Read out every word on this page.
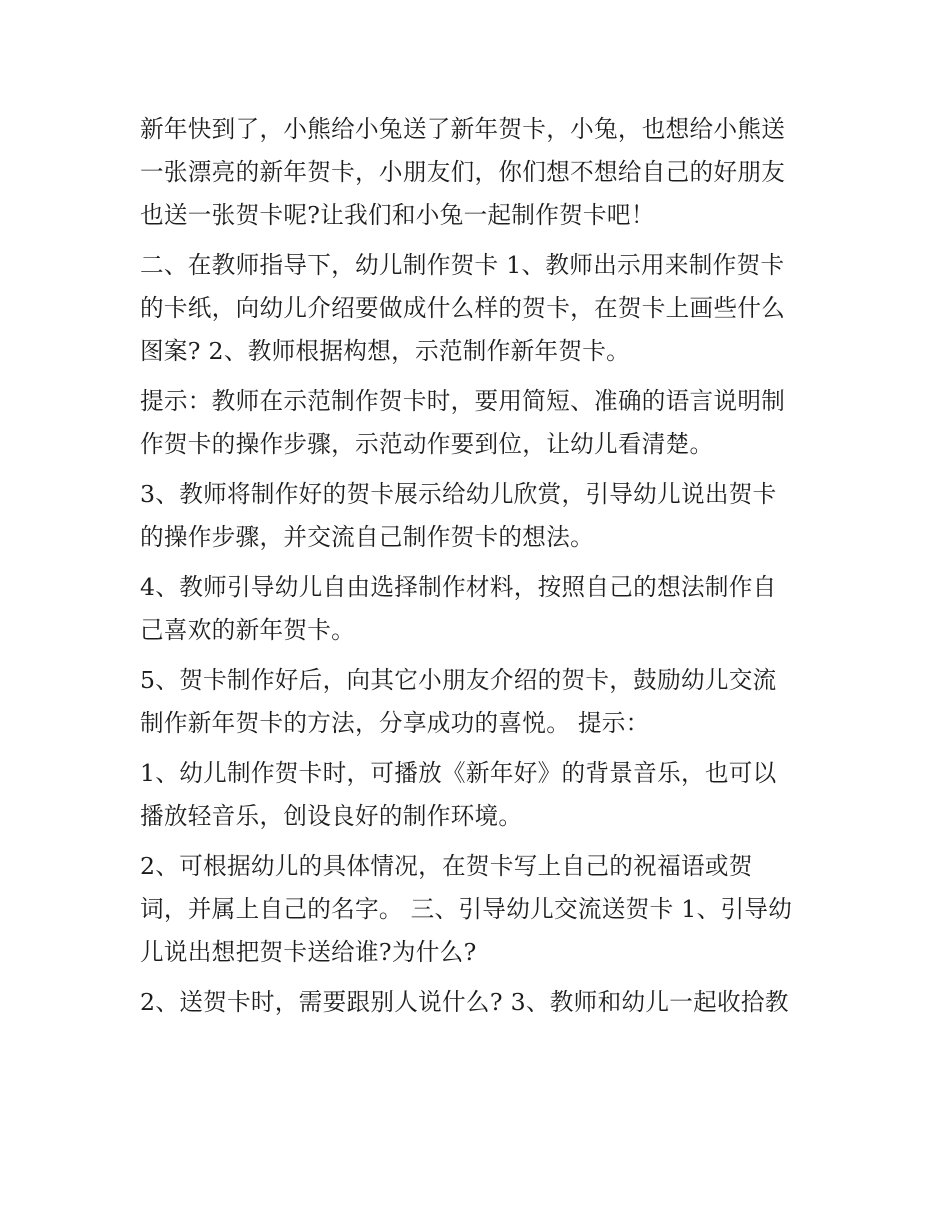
新年快到了，小熊给小兔送了新年贺卡，小兔，也想给小熊送
一张漂亮的新年贺卡，小朋友们，你们想不想给自己的好朋友
也送一张贺卡呢?让我们和小兔一起制作贺卡吧！

二、在教师指导下，幼儿制作贺卡 1、教师出示用来制作贺卡
的卡纸，向幼儿介绍要做成什么样的贺卡，在贺卡上画些什么
图案? 2、教师根据构想，示范制作新年贺卡。

提示：教师在示范制作贺卡时，要用简短、准确的语言说明制
作贺卡的操作步骤，示范动作要到位，让幼儿看清楚。

3、教师将制作好的贺卡展示给幼儿欣赏，引导幼儿说出贺卡
的操作步骤，并交流自己制作贺卡的想法。

4、教师引导幼儿自由选择制作材料，按照自己的想法制作自
己喜欢的新年贺卡。

5、贺卡制作好后，向其它小朋友介绍的贺卡，鼓励幼儿交流
制作新年贺卡的方法，分享成功的喜悦。 提示：

1、幼儿制作贺卡时，可播放《新年好》的背景音乐，也可以
播放轻音乐，创设良好的制作环境。

2、可根据幼儿的具体情况，在贺卡写上自己的祝福语或贺
词，并属上自己的名字。 三、引导幼儿交流送贺卡 1、引导幼
儿说出想把贺卡送给谁?为什么?

2、送贺卡时，需要跟别人说什么? 3、教师和幼儿一起收拾教
